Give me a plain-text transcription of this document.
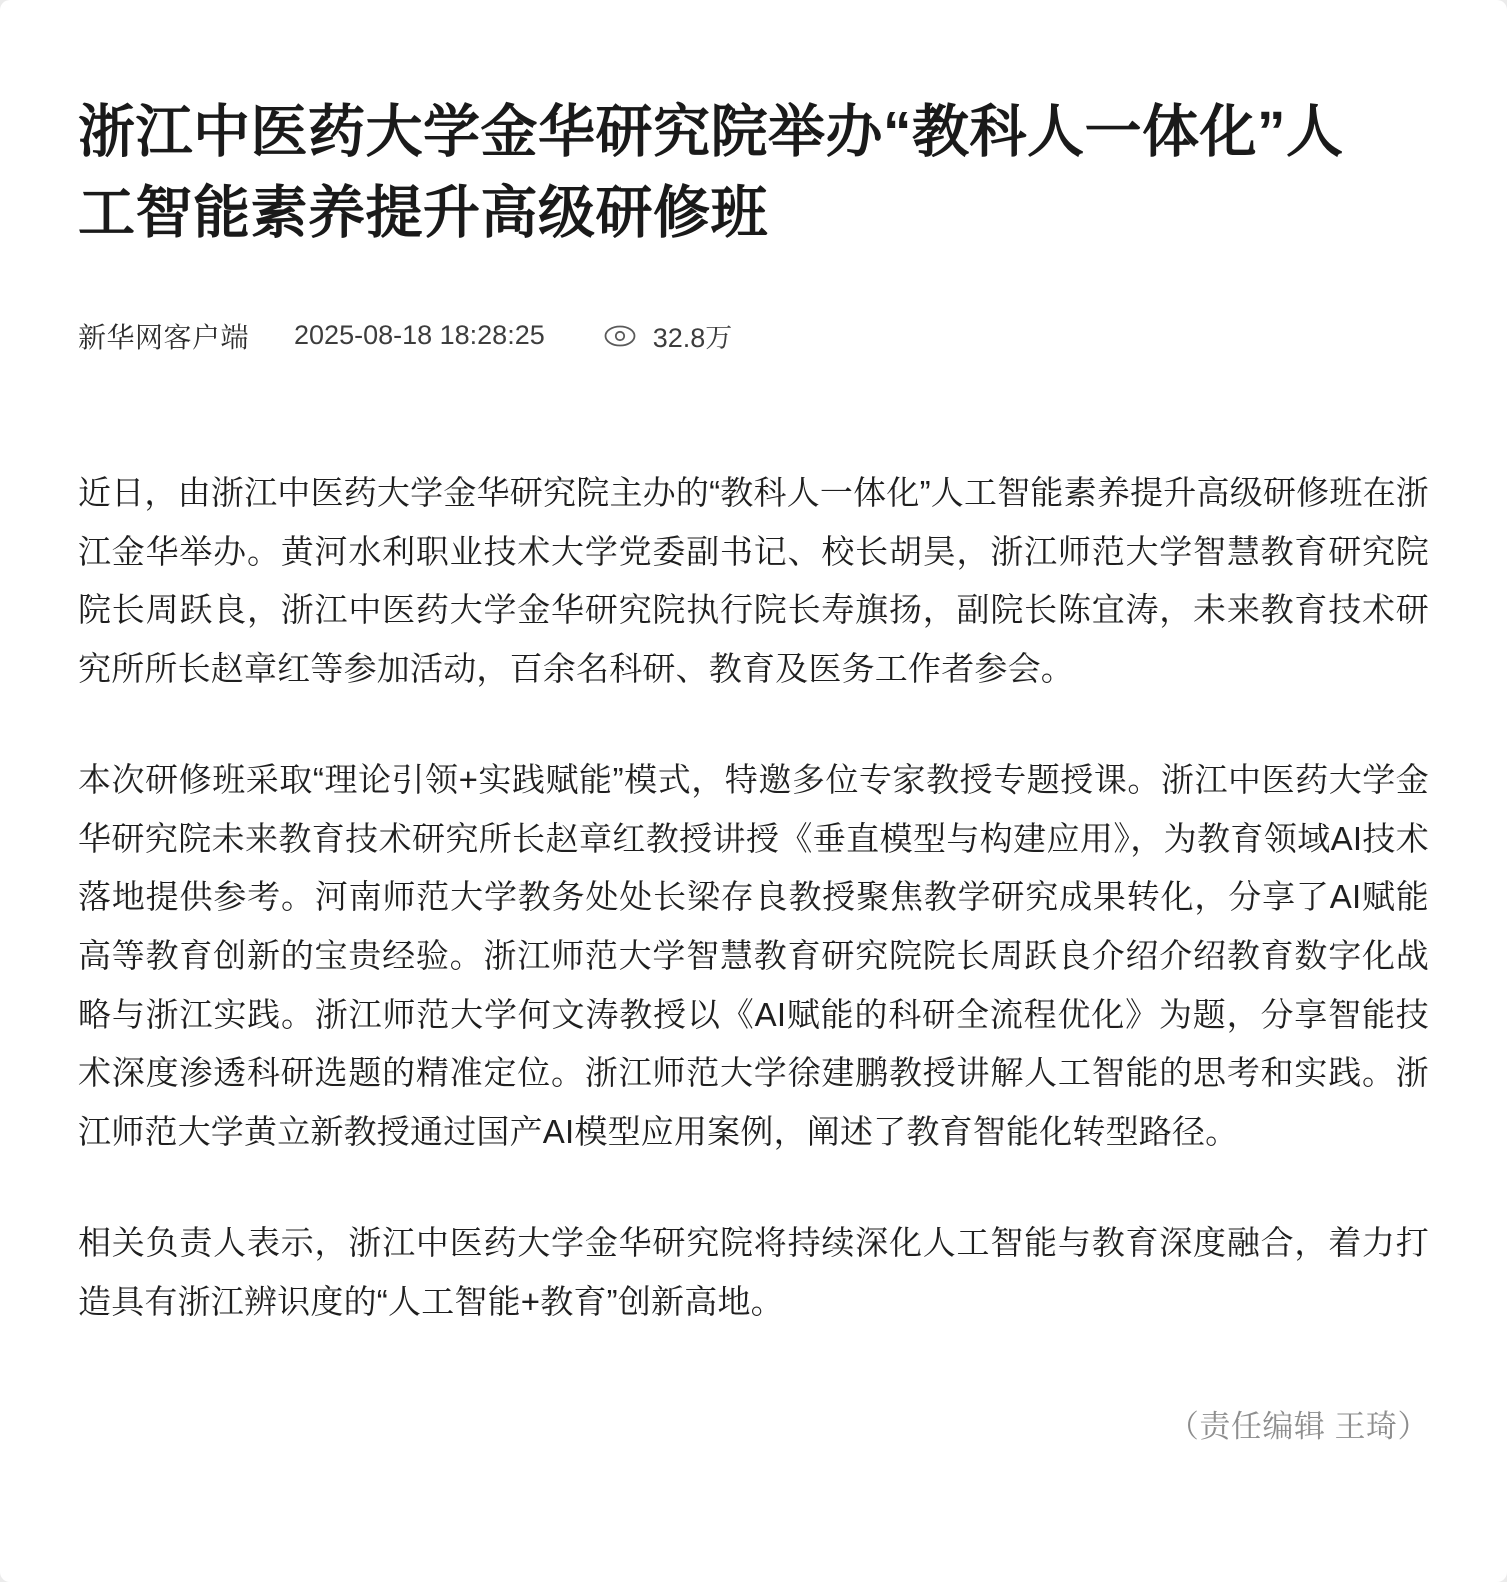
浙江中医药大学金华研究院举办“教科人一体化”人工智能素养提升高级研修班
新华网客户端 2025-08-18 18:28:25	32.8万

近日，由浙江中医药大学金华研究院主办的“教科人一体化”人工智能素养提升高级研修班在浙江金华举办。黄河水利职业技术大学党委副书记、校长胡昊，浙江师范大学智慧教育研究院院长周跃良，浙江中医药大学金华研究院执行院长寿旗扬，副院长陈宜涛，未来教育技术研究所所长赵章红等参加活动，百余名科研、教育及医务工作者参会。

本次研修班采取“理论引领+实践赋能”模式，特邀多位专家教授专题授课。浙江中医药大学金华研究院未来教育技术研究所长赵章红教授讲授《垂直模型与构建应用》，为教育领域AI技术落地提供参考。河南师范大学教务处处长梁存良教授聚焦教学研究成果转化，分享了AI赋能高等教育创新的宝贵经验。浙江师范大学智慧教育研究院院长周跃良介绍介绍教育数字化战略与浙江实践。浙江师范大学何文涛教授以《AI赋能的科研全流程优化》为题，分享智能技术深度渗透科研选题的精准定位。浙江师范大学徐建鹏教授讲解人工智能的思考和实践。浙江师范大学黄立新教授通过国产AI模型应用案例，阐述了教育智能化转型路径。

相关负责人表示，浙江中医药大学金华研究院将持续深化人工智能与教育深度融合，着力打造具有浙江辨识度的“人工智能+教育”创新高地。

（责任编辑 王琦）
